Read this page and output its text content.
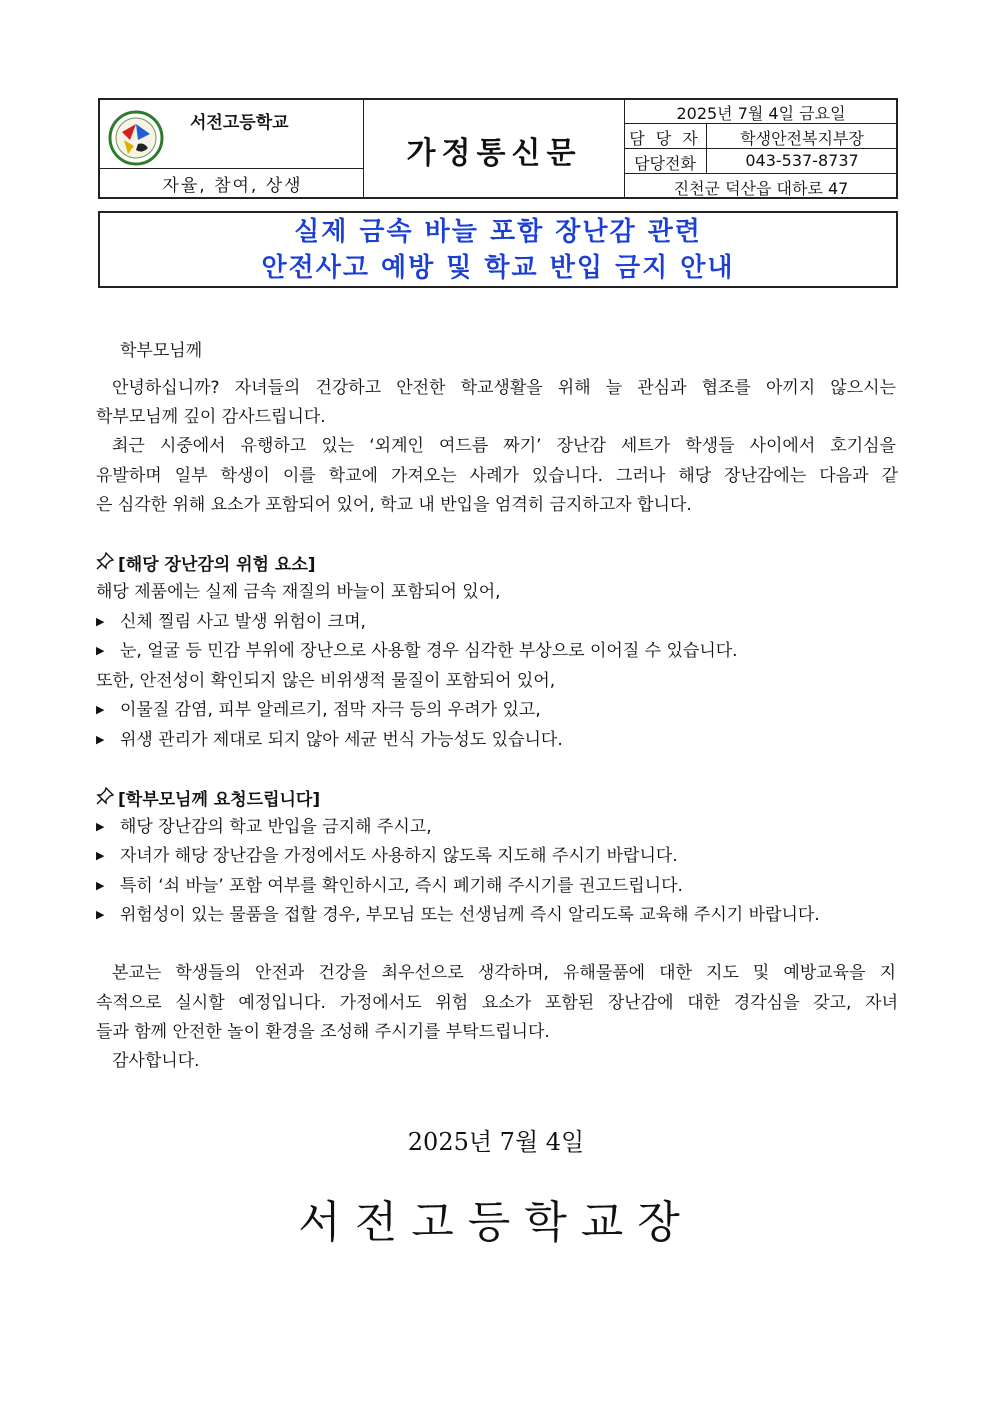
서전고등학교
자율, 참여, 상생
가정통신문
2025년 7월 4일 금요일
담 당 자	학생안전복지부장
담당전화	043-537-8737
진천군 덕산읍 대하로 47
실제 금속 바늘 포함 장난감 관련
안전사고 예방 및 학교 반입 금지 안내
학부모님께
안녕하십니까? 자녀들의 건강하고 안전한 학교생활을 위해 늘 관심과 협조를 아끼지 않으시는
학부모님께 깊이 감사드립니다.
최근 시중에서 유행하고 있는 ‘외계인 여드름 짜기’ 장난감 세트가 학생들 사이에서 호기심을
유발하며 일부 학생이 이를 학교에 가져오는 사례가 있습니다. 그러나 해당 장난감에는 다음과 같
은 심각한 위해 요소가 포함되어 있어, 학교 내 반입을 엄격히 금지하고자 합니다.
[해당 장난감의 위험 요소]
해당 제품에는 실제 금속 재질의 바늘이 포함되어 있어,
▶ 신체 찔림 사고 발생 위험이 크며,
▶ 눈, 얼굴 등 민감 부위에 장난으로 사용할 경우 심각한 부상으로 이어질 수 있습니다.
또한, 안전성이 확인되지 않은 비위생적 물질이 포함되어 있어,
▶ 이물질 감염, 피부 알레르기, 점막 자극 등의 우려가 있고,
▶ 위생 관리가 제대로 되지 않아 세균 번식 가능성도 있습니다.
[학부모님께 요청드립니다]
▶ 해당 장난감의 학교 반입을 금지해 주시고,
▶ 자녀가 해당 장난감을 가정에서도 사용하지 않도록 지도해 주시기 바랍니다.
▶ 특히 ‘쇠 바늘’ 포함 여부를 확인하시고, 즉시 폐기해 주시기를 권고드립니다.
▶ 위험성이 있는 물품을 접할 경우, 부모님 또는 선생님께 즉시 알리도록 교육해 주시기 바랍니다.
본교는 학생들의 안전과 건강을 최우선으로 생각하며, 유해물품에 대한 지도 및 예방교육을 지
속적으로 실시할 예정입니다. 가정에서도 위험 요소가 포함된 장난감에 대한 경각심을 갖고, 자녀
들과 함께 안전한 놀이 환경을 조성해 주시기를 부탁드립니다.
감사합니다.
2025년 7월 4일
서전고등학교장
